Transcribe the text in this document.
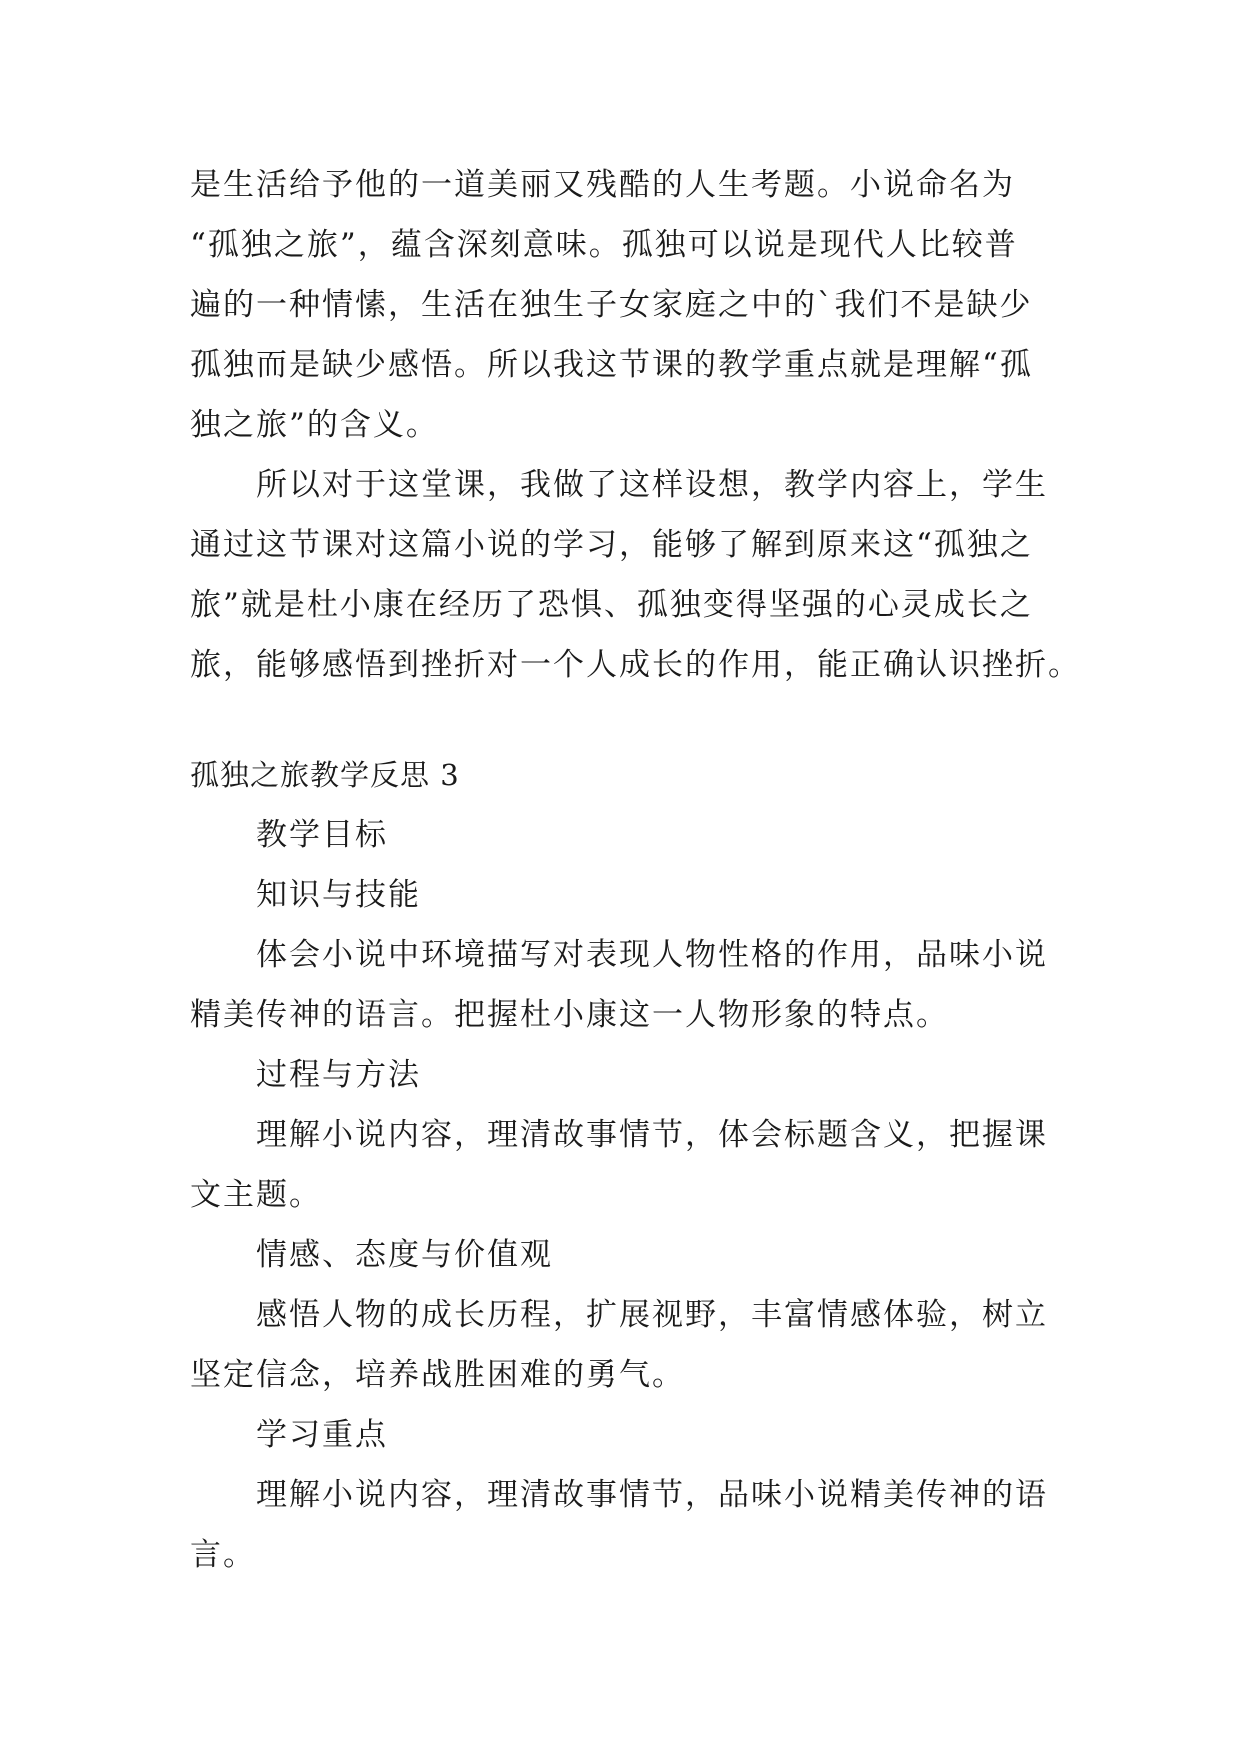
是生活给予他的一道美丽又残酷的人生考题。小说命名为
“孤独之旅”，蕴含深刻意味。孤独可以说是现代人比较普
遍的一种情愫，生活在独生子女家庭之中的`我们不是缺少
孤独而是缺少感悟。所以我这节课的教学重点就是理解“孤
独之旅”的含义。
所以对于这堂课，我做了这样设想，教学内容上，学生
通过这节课对这篇小说的学习，能够了解到原来这“孤独之
旅”就是杜小康在经历了恐惧、孤独变得坚强的心灵成长之
旅，能够感悟到挫折对一个人成长的作用，能正确认识挫折。
孤独之旅教学反思 3
教学目标
知识与技能
体会小说中环境描写对表现人物性格的作用，品味小说
精美传神的语言。把握杜小康这一人物形象的特点。
过程与方法
理解小说内容，理清故事情节，体会标题含义，把握课
文主题。
情感、态度与价值观
感悟人物的成长历程，扩展视野，丰富情感体验，树立
坚定信念，培养战胜困难的勇气。
学习重点
理解小说内容，理清故事情节，品味小说精美传神的语
言。
